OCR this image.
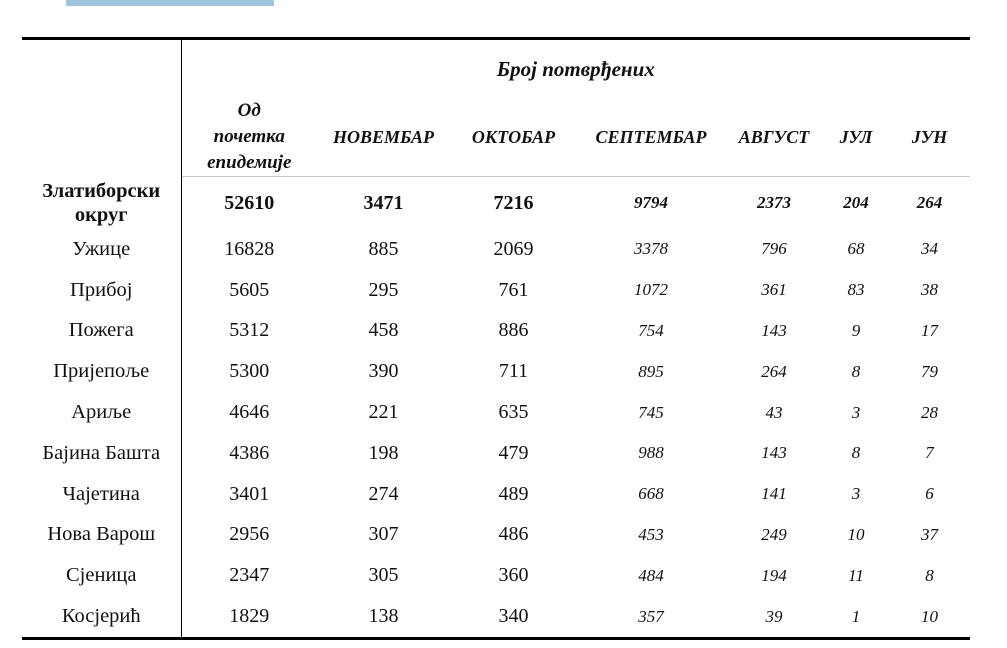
	Број потврђених						
	Од
почетка
епидемије	НОВЕМБАР	ОКТОБАР	СЕПТЕМБАР	АВГУСТ	ЈУЛ	ЈУН

Златиборски
округ	52610	3471	7216	9794	2373	204	264
Ужице	16828	885	2069	3378	796	68	34
Прибој	5605	295	761	1072	361	83	38
Пожега	5312	458	886	754	143	9	17
Пријепоље	5300	390	711	895	264	8	79
Ариље	4646	221	635	745	43	3	28
Бајина Башта	4386	198	479	988	143	8	7
Чајетина	3401	274	489	668	141	3	6
Нова Варош	2956	307	486	453	249	10	37
Сјеница	2347	305	360	484	194	11	8
Косјерић	1829	138	340	357	39	1	10
